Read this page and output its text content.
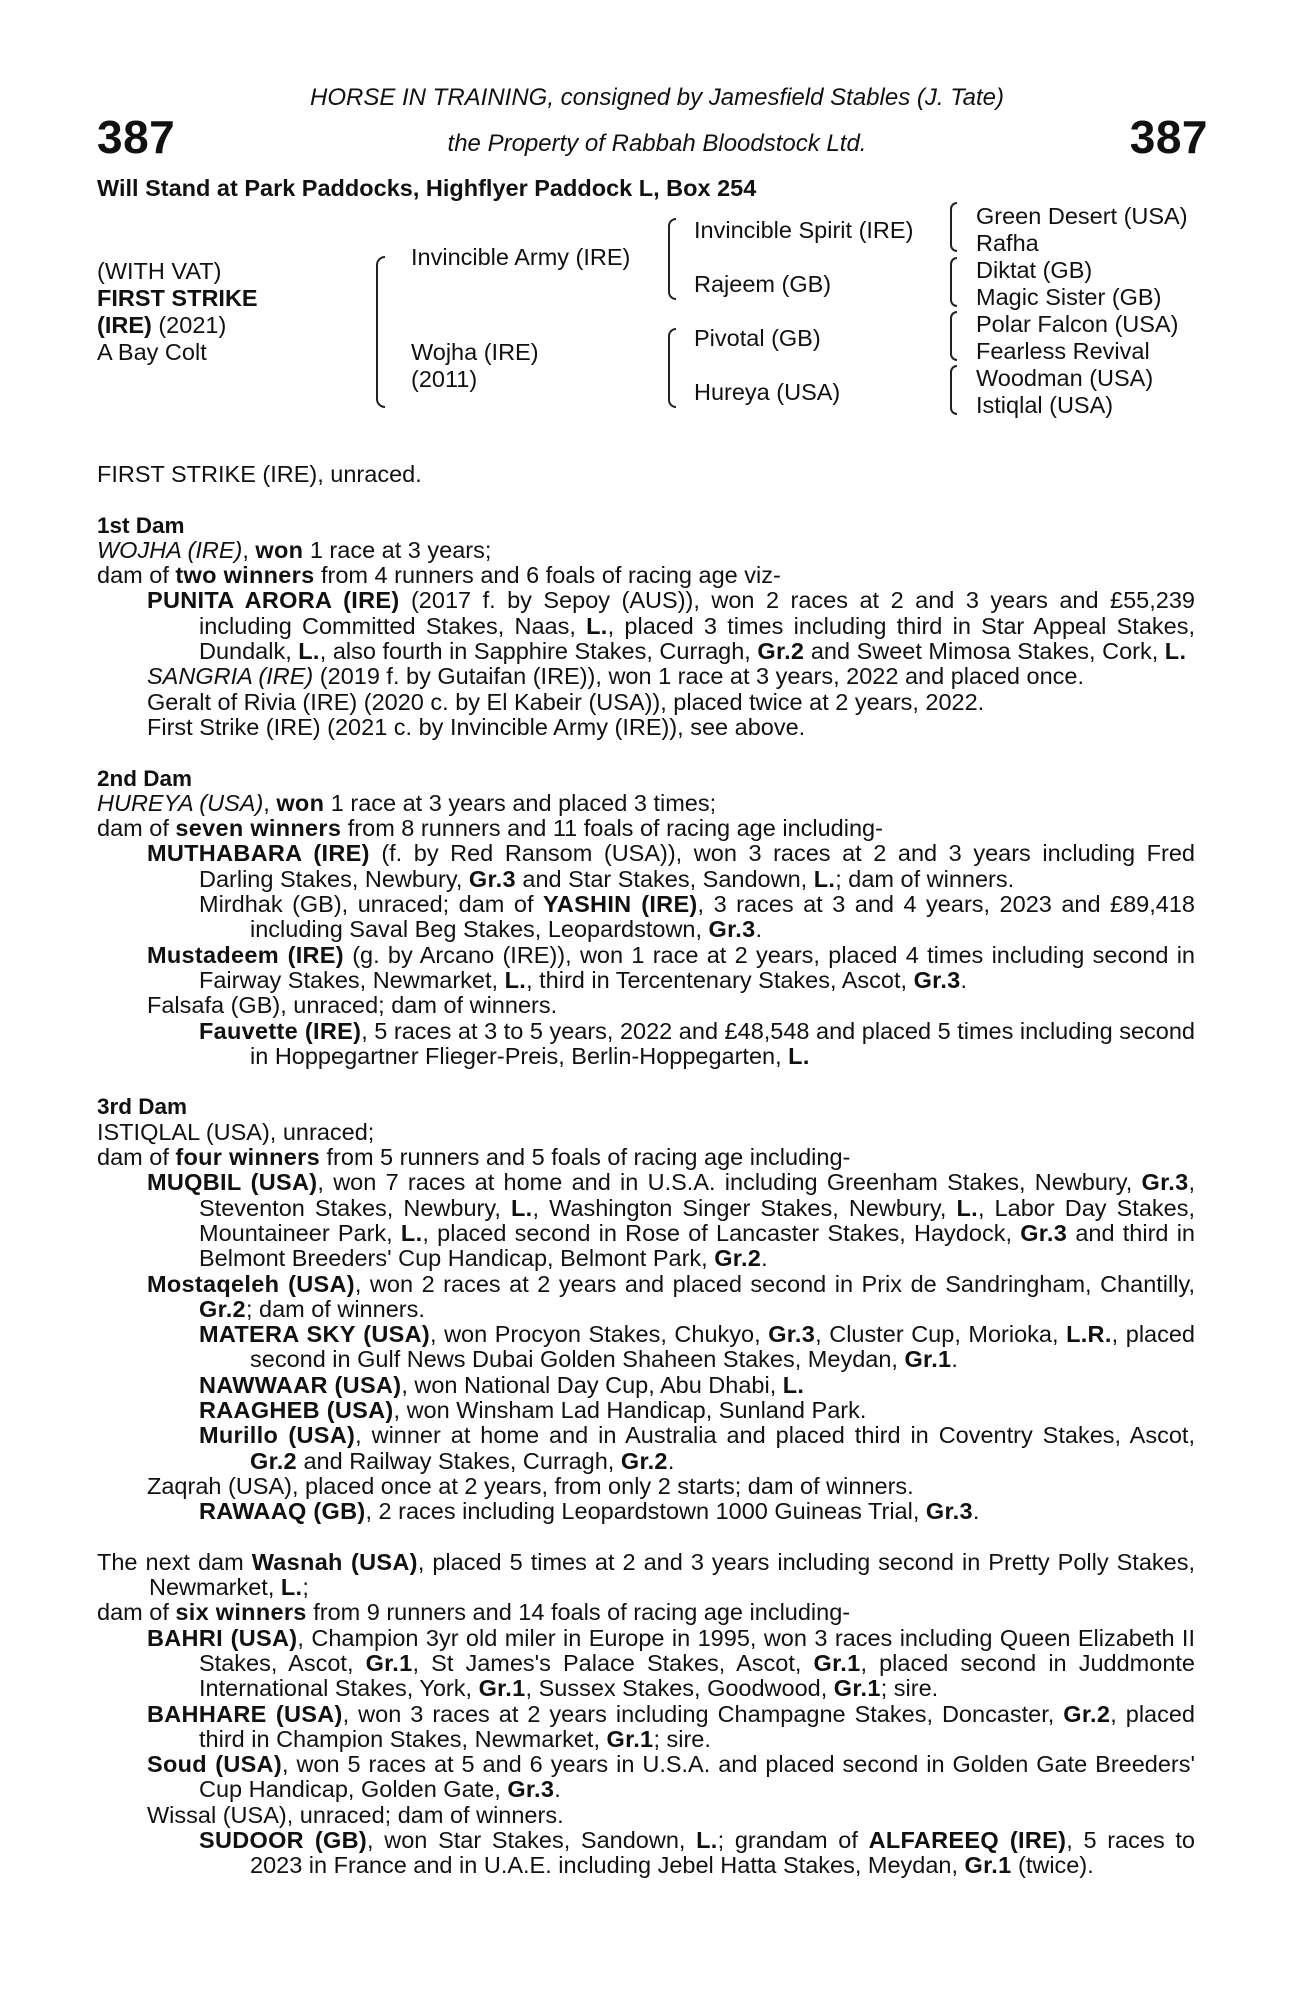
HORSE IN TRAINING, consigned by Jamesfield Stables (J. Tate)
the Property of Rabbah Bloodstock Ltd.
387	387
Will Stand at Park Paddocks, Highflyer Paddock L, Box 254
(WITH VAT)
FIRST STRIKE
(IRE) (2021)
A Bay Colt
Invincible Army (IRE)
Wojha (IRE)
(2011)
Invincible Spirit (IRE)
Rajeem (GB)
Pivotal (GB)
Hureya (USA)
Green Desert (USA)
Rafha
Diktat (GB)
Magic Sister (GB)
Polar Falcon (USA)
Fearless Revival
Woodman (USA)
Istiqlal (USA)

FIRST STRIKE (IRE), unraced.

1st Dam

WOJHA (IRE), won 1 race at 3 years;

dam of two winners from 4 runners and 6 foals of racing age viz-

PUNITA ARORA (IRE) (2017 f. by Sepoy (AUS)), won 2 races at 2 and 3 years and £55,239 including Committed Stakes, Naas, L., placed 3 times including third in Star Appeal Stakes, Dundalk, L., also fourth in Sapphire Stakes, Curragh, Gr.2 and Sweet Mimosa Stakes, Cork, L.

SANGRIA (IRE) (2019 f. by Gutaifan (IRE)), won 1 race at 3 years, 2022 and placed once.

Geralt of Rivia (IRE) (2020 c. by El Kabeir (USA)), placed twice at 2 years, 2022.

First Strike (IRE) (2021 c. by Invincible Army (IRE)), see above.

2nd Dam

HUREYA (USA), won 1 race at 3 years and placed 3 times;

dam of seven winners from 8 runners and 11 foals of racing age including-

MUTHABARA (IRE) (f. by Red Ransom (USA)), won 3 races at 2 and 3 years including Fred Darling Stakes, Newbury, Gr.3 and Star Stakes, Sandown, L.; dam of winners.

Mirdhak (GB), unraced; dam of YASHIN (IRE), 3 races at 3 and 4 years, 2023 and £89,418 including Saval Beg Stakes, Leopardstown, Gr.3.

Mustadeem (IRE) (g. by Arcano (IRE)), won 1 race at 2 years, placed 4 times including second in Fairway Stakes, Newmarket, L., third in Tercentenary Stakes, Ascot, Gr.3.

Falsafa (GB), unraced; dam of winners.

Fauvette (IRE), 5 races at 3 to 5 years, 2022 and £48,548 and placed 5 times including second in Hoppegartner Flieger-Preis, Berlin-Hoppegarten, L.

3rd Dam

ISTIQLAL (USA), unraced;

dam of four winners from 5 runners and 5 foals of racing age including-

MUQBIL (USA), won 7 races at home and in U.S.A. including Greenham Stakes, Newbury, Gr.3, Steventon Stakes, Newbury, L., Washington Singer Stakes, Newbury, L., Labor Day Stakes, Mountaineer Park, L., placed second in Rose of Lancaster Stakes, Haydock, Gr.3 and third in Belmont Breeders' Cup Handicap, Belmont Park, Gr.2.

Mostaqeleh (USA), won 2 races at 2 years and placed second in Prix de Sandringham, Chantilly, Gr.2; dam of winners.

MATERA SKY (USA), won Procyon Stakes, Chukyo, Gr.3, Cluster Cup, Morioka, L.R., placed second in Gulf News Dubai Golden Shaheen Stakes, Meydan, Gr.1.

NAWWAAR (USA), won National Day Cup, Abu Dhabi, L.

RAAGHEB (USA), won Winsham Lad Handicap, Sunland Park.

Murillo (USA), winner at home and in Australia and placed third in Coventry Stakes, Ascot, Gr.2 and Railway Stakes, Curragh, Gr.2.

Zaqrah (USA), placed once at 2 years, from only 2 starts; dam of winners.

RAWAAQ (GB), 2 races including Leopardstown 1000 Guineas Trial, Gr.3.

The next dam Wasnah (USA), placed 5 times at 2 and 3 years including second in Pretty Polly Stakes, Newmarket, L.;

dam of six winners from 9 runners and 14 foals of racing age including-

BAHRI (USA), Champion 3yr old miler in Europe in 1995, won 3 races including Queen Elizabeth II Stakes, Ascot, Gr.1, St James's Palace Stakes, Ascot, Gr.1, placed second in Juddmonte International Stakes, York, Gr.1, Sussex Stakes, Goodwood, Gr.1; sire.

BAHHARE (USA), won 3 races at 2 years including Champagne Stakes, Doncaster, Gr.2, placed third in Champion Stakes, Newmarket, Gr.1; sire.

Soud (USA), won 5 races at 5 and 6 years in U.S.A. and placed second in Golden Gate Breeders' Cup Handicap, Golden Gate, Gr.3.

Wissal (USA), unraced; dam of winners.

SUDOOR (GB), won Star Stakes, Sandown, L.; grandam of ALFAREEQ (IRE), 5 races to 2023 in France and in U.A.E. including Jebel Hatta Stakes, Meydan, Gr.1 (twice).
